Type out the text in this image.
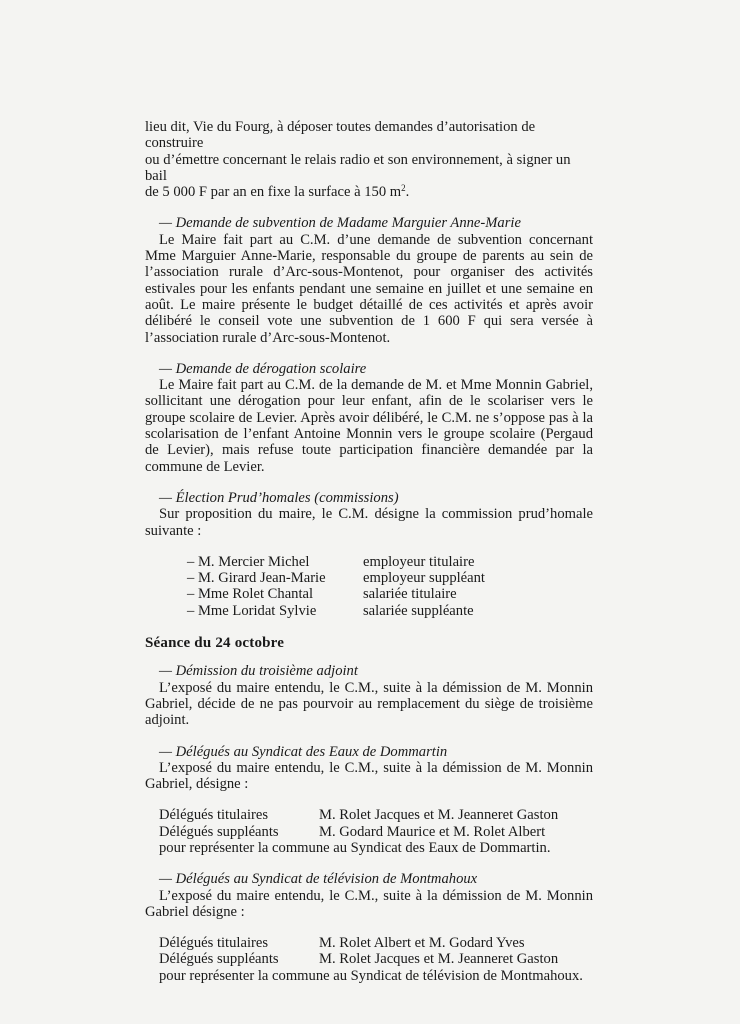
lieu dit, Vie du Fourg, à déposer toutes demandes d’autorisation de construire

ou d’émettre concernant le relais radio et son environnement, à signer un bail

de 5 000 F par an en fixe la surface à 150 $m^2$.

— Demande de subvention de Madame Marguier Anne-Marie

Le Maire fait part au C.M. d’une demande de subvention concernant Mme Marguier Anne-Marie, responsable du groupe de parents au sein de l’association rurale d’Arc-sous-Montenot, pour organiser des activités estivales pour les enfants pendant une semaine en juillet et une semaine en août. Le maire présente le budget détaillé de ces activités et après avoir délibéré le conseil vote une subvention de 1 600 F qui sera versée à l’association rurale d’Arc-sous-Montenot.

— Demande de dérogation scolaire

Le Maire fait part au C.M. de la demande de M. et Mme Monnin Gabriel, sollicitant une dérogation pour leur enfant, afin de le scolariser vers le groupe scolaire de Levier. Après avoir délibéré, le C.M. ne s’oppose pas à la scolarisation de l’enfant Antoine Monnin vers le groupe scolaire (Pergaud de Levier), mais refuse toute participation financière demandée par la commune de Levier.

— Élection Prud’homales (commissions)

Sur proposition du maire, le C.M. désigne la commission prud’homale suivante :

– M. Mercier Michel	employeur titulaire
– M. Girard Jean-Marie	employeur suppléant
– Mme Rolet Chantal	salariée titulaire
– Mme Loridat Sylvie	salariée suppléante

Séance du 24 octobre

— Démission du troisième adjoint

L’exposé du maire entendu, le C.M., suite à la démission de M. Monnin Gabriel, décide de ne pas pourvoir au remplacement du siège de troisième adjoint.

— Délégués au Syndicat des Eaux de Dommartin

L’exposé du maire entendu, le C.M., suite à la démission de M. Monnin Gabriel, désigne :

Délégués titulaires	M. Rolet Jacques et M. Jeanneret Gaston
Délégués suppléants	M. Godard Maurice et M. Rolet Albert

pour représenter la commune au Syndicat des Eaux de Dommartin.

— Délégués au Syndicat de télévision de Montmahoux

L’exposé du maire entendu, le C.M., suite à la démission de M. Monnin Gabriel désigne :

Délégués titulaires	M. Rolet Albert et M. Godard Yves
Délégués suppléants	M. Rolet Jacques et M. Jeanneret Gaston

pour représenter la commune au Syndicat de télévision de Montmahoux.
